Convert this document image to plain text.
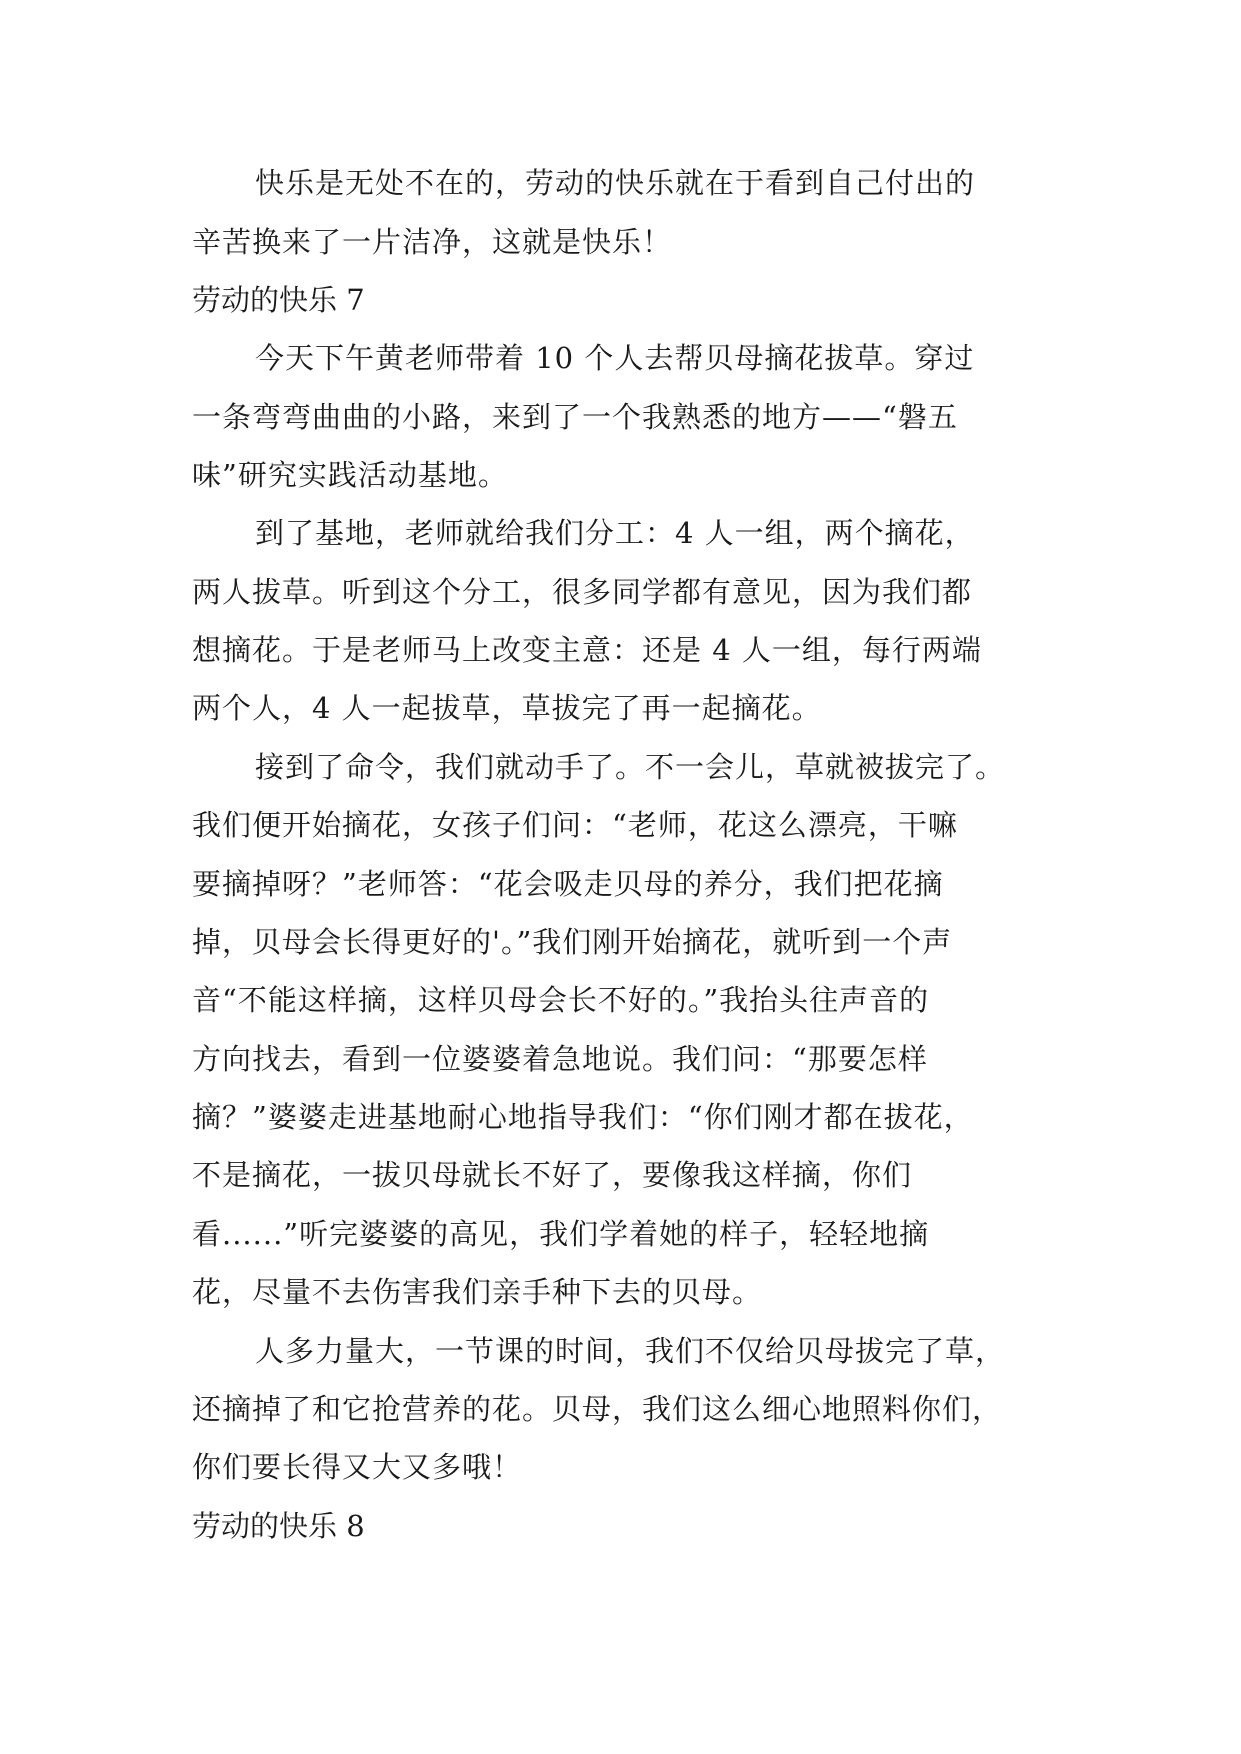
快乐是无处不在的，劳动的快乐就在于看到自己付出的
辛苦换来了一片洁净，这就是快乐！
劳动的快乐 7
今天下午黄老师带着 10 个人去帮贝母摘花拔草。穿过
一条弯弯曲曲的小路，来到了一个我熟悉的地方——“磐五
味”研究实践活动基地。
到了基地，老师就给我们分工：4 人一组，两个摘花，
两人拔草。听到这个分工，很多同学都有意见，因为我们都
想摘花。于是老师马上改变主意：还是 4 人一组，每行两端
两个人，4 人一起拔草，草拔完了再一起摘花。
接到了命令，我们就动手了。不一会儿，草就被拔完了。
我们便开始摘花，女孩子们问：“老师，花这么漂亮，干嘛
要摘掉呀？”老师答：“花会吸走贝母的养分，我们把花摘
掉，贝母会长得更好的'。”我们刚开始摘花，就听到一个声
音“不能这样摘，这样贝母会长不好的。”我抬头往声音的
方向找去，看到一位婆婆着急地说。我们问：“那要怎样
摘？”婆婆走进基地耐心地指导我们：“你们刚才都在拔花，
不是摘花，一拔贝母就长不好了，要像我这样摘，你们
看......”听完婆婆的高见，我们学着她的样子，轻轻地摘
花，尽量不去伤害我们亲手种下去的贝母。
人多力量大，一节课的时间，我们不仅给贝母拔完了草，
还摘掉了和它抢营养的花。贝母，我们这么细心地照料你们，
你们要长得又大又多哦！
劳动的快乐 8
